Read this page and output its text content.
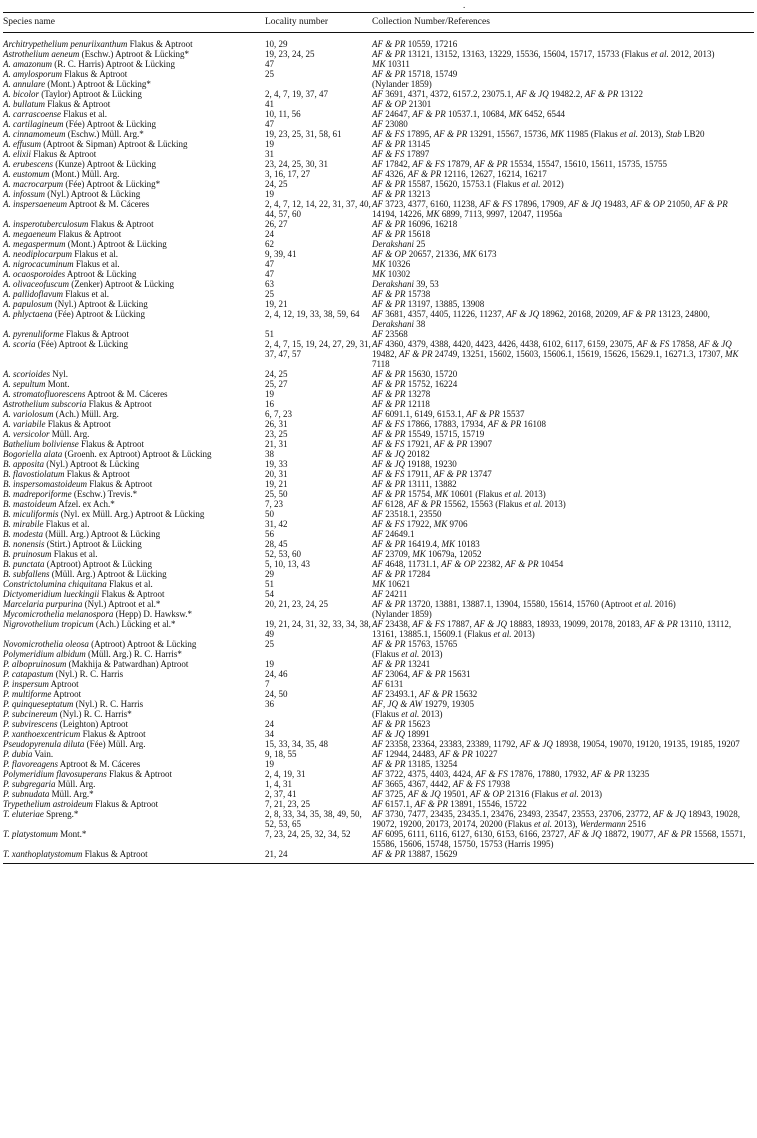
.
Species name	Locality number	Collection Number/References
Architrypethelium penuriixanthum Flakus & Aptroot	10, 29	AF & PR 10559, 17216
Astrothelium aeneum (Eschw.) Aptroot & Lücking*	19, 23, 24, 25	AF & PR 13121, 13152, 13163, 13229, 15536, 15604, 15717, 15733 (Flakus et al. 2012, 2013)
A. amazonum (R. C. Harris) Aptroot & Lücking	47	MK 10311
A. amylosporum Flakus & Aptroot	25	AF & PR 15718, 15749
A. annulare (Mont.) Aptroot & Lücking*		(Nylander 1859)
A. bicolor (Taylor) Aptroot & Lücking	2, 4, 7, 19, 37, 47	AF 3691, 4371, 4372, 6157.2, 23075.1, AF & JQ 19482.2, AF & PR 13122
A. bullatum Flakus & Aptroot	41	AF & OP 21301
A. carrascoense Flakus et al.	10, 11, 56	AF 24647, AF & PR 10537.1, 10684, MK 6452, 6544
A. cartilagineum (Fée) Aptroot & Lücking	47	AF 23080
A. cinnamomeum (Eschw.) Müll. Arg.*	19, 23, 25, 31, 58, 61	AF & FS 17895, AF & PR 13291, 15567, 15736, MK 11985 (Flakus et al. 2013), Stab LB20
A. effusum (Aptroot & Sipman) Aptroot & Lücking	19	AF & PR 13145
A. elixii Flakus & Aptroot	31	AF & FS 17897
A. erubescens (Kunze) Aptroot & Lücking	23, 24, 25, 30, 31	AF 17842, AF & FS 17879, AF & PR 15534, 15547, 15610, 15611, 15735, 15755
A. eustomum (Mont.) Müll. Arg.	3, 16, 17, 27	AF 4326, AF & PR 12116, 12627, 16214, 16217
A. macrocarpum (Fée) Aptroot & Lücking*	24, 25	AF & PR 15587, 15620, 15753.1 (Flakus et al. 2012)
A. infossum (Nyl.) Aptroot & Lücking	19	AF & PR 13213
A. inspersaeneum Aptroot & M. Cáceres	2, 4, 7, 12, 14, 22, 31, 37, 40, 44, 57, 60	AF 3723, 4377, 6160, 11238, AF & FS 17896, 17909, AF & JQ 19483, AF & OP 21050, AF & PR 14194, 14226, MK 6899, 7113, 9997, 12047, 11956a
A. insperotuberculosum Flakus & Aptroot	26, 27	AF & PR 16096, 16218
A. megaeneum Flakus & Aptroot	24	AF & PR 15618
A. megaspermum (Mont.) Aptroot & Lücking	62	Derakshani 25
A. neodiplocarpum Flakus et al.	9, 39, 41	AF & OP 20657, 21336, MK 6173
A. nigrocacuminum Flakus et al.	47	MK 10326
A. ocaosporoides Aptroot & Lücking	47	MK 10302
A. olivaceofuscum (Zenker) Aptroot & Lücking	63	Derakshani 39, 53
A. pallidoflavum Flakus et al.	25	AF & PR 15738
A. papulosum (Nyl.) Aptroot & Lücking	19, 21	AF & PR 13197, 13885, 13908
A. phlyctaena (Fée) Aptroot & Lücking	2, 4, 12, 19, 33, 38, 59, 64	AF 3681, 4357, 4405, 11226, 11237, AF & JQ 18962, 20168, 20209, AF & PR 13123, 24800, Derakshani 38
A. pyrenuliforme Flakus & Aptroot	51	AF 23568
A. scoria (Fée) Aptroot & Lücking	2, 4, 7, 15, 19, 24, 27, 29, 31, 37, 47, 57	AF 4360, 4379, 4388, 4420, 4423, 4426, 4438, 6102, 6117, 6159, 23075, AF & FS 17858, AF & JQ 19482, AF & PR 24749, 13251, 15602, 15603, 15606.1, 15619, 15626, 15629.1, 16271.3, 17307, MK 7118
A. scorioides Nyl.	24, 25	AF & PR 15630, 15720
A. sepultum Mont.	25, 27	AF & PR 15752, 16224
A. stromatofluorescens Aptroot & M. Cáceres	19	AF & PR 13278
Astrothelium subscoria Flakus & Aptroot	16	AF & PR 12118
A. variolosum (Ach.) Müll. Arg.	6, 7, 23	AF 6091.1, 6149, 6153.1, AF & PR 15537
A. variabile Flakus & Aptroot	26, 31	AF & FS 17866, 17883, 17934, AF & PR 16108
A. versicolor Müll. Arg.	23, 25	AF & PR 15549, 15715, 15719
Bathelium boliviense Flakus & Aptroot	21, 31	AF & FS 17921, AF & PR 13907
Bogoriella alata (Groenh. ex Aptroot) Aptroot & Lücking	38	AF & JQ 20182
B. apposita (Nyl.) Aptroot & Lücking	19, 33	AF & JQ 19188, 19230
B. flavostiolatum Flakus & Aptroot	20, 31	AF & FS 17911, AF & PR 13747
B. inspersomastoideum Flakus & Aptroot	19, 21	AF & PR 13111, 13882
B. madreporiforme (Eschw.) Trevis.*	25, 50	AF & PR 15754, MK 10601 (Flakus et al. 2013)
B. mastoideum Afzel. ex Ach.*	7, 23	AF 6128, AF & PR 15562, 15563 (Flakus et al. 2013)
B. miculiformis (Nyl. ex Müll. Arg.) Aptroot & Lücking	50	AF 23518.1, 23550
B. mirabile Flakus et al.	31, 42	AF & FS 17922, MK 9706
B. modesta (Müll. Arg.) Aptroot & Lücking	56	AF 24649.1
B. nonensis (Stirt.) Aptroot & Lücking	28, 45	AF & PR 16419.4, MK 10183
B. pruinosum Flakus et al.	52, 53, 60	AF 23709, MK 10679a, 12052
B. punctata (Aptroot) Aptroot & Lücking	5, 10, 13, 43	AF 4648, 11731.1, AF & OP 22382, AF & PR 10454
B. subfallens (Müll. Arg.) Aptroot & Lücking	29	AF & PR 17284
Constrictolumina chiquitana Flakus et al.	51	MK 10621
Dictyomeridium lueckingii Flakus & Aptroot	54	AF 24211
Marcelaria purpurina (Nyl.) Aptroot et al.*	20, 21, 23, 24, 25	AF & PR 13720, 13881, 13887.1, 13904, 15580, 15614, 15760 (Aptroot et al. 2016)
Mycomicrothelia melanospora (Hepp) D. Hawksw.*		(Nylander 1859)
Nigrovothelium tropicum (Ach.) Lücking et al.*	19, 21, 24, 31, 32, 33, 34, 38, 49	AF 23438, AF & FS 17887, AF & JQ 18883, 18933, 19099, 20178, 20183, AF & PR 13110, 13112, 13161, 13885.1, 15609.1 (Flakus et al. 2013)
Novomicrothelia oleosa (Aptroot) Aptroot & Lücking	25	AF & PR 15763, 15765
Polymeridium albidum (Müll. Arg.) R. C. Harris*		(Flakus et al. 2013)
P. albopruinosum (Makhija & Patwardhan) Aptroot	19	AF & PR 13241
P. catapastum (Nyl.) R. C. Harris	24, 46	AF 23064, AF & PR 15631
P. inspersum Aptroot	7	AF 6131
P. multiforme Aptroot	24, 50	AF 23493.1, AF & PR 15632
P. quinqueseptatum (Nyl.) R. C. Harris	36	AF, JQ & AW 19279, 19305
P. subcinereum (Nyl.) R. C. Harris*		(Flakus et al. 2013)
P. subvirescens (Leighton) Aptroot	24	AF & PR 15623
P. xanthoexcentricum Flakus & Aptroot	34	AF & JQ 18991
Pseudopyrenula diluta (Fée) Müll. Arg.	15, 33, 34, 35, 48	AF 23358, 23364, 23383, 23389, 11792, AF & JQ 18938, 19054, 19070, 19120, 19135, 19185, 19207
P. dubia Vain.	9, 18, 55	AF 12944, 24483, AF & PR 10227
P. flavoreagens Aptroot & M. Cáceres	19	AF & PR 13185, 13254
Polymeridium flavosuperans Flakus & Aptroot	2, 4, 19, 31	AF 3722, 4375, 4403, 4424, AF & FS 17876, 17880, 17932, AF & PR 13235
P. subgregaria Müll. Arg.	1, 4, 31	AF 3665, 4367, 4442, AF & FS 17938
P. subnudata Müll. Arg.*	2, 37, 41	AF 3725, AF & JQ 19501, AF & OP 21316 (Flakus et al. 2013)
Trypethelium astroideum Flakus & Aptroot	7, 21, 23, 25	AF 6157.1, AF & PR 13891, 15546, 15722
T. eluteriae Spreng.*	2, 8, 33, 34, 35, 38, 49, 50, 52, 53, 65	AF 3730, 7477, 23435, 23435.1, 23476, 23493, 23547, 23553, 23706, 23772, AF & JQ 18943, 19028, 19072, 19200, 20173, 20174, 20200 (Flakus et al. 2013), Werdermann 2516
T. platystomum Mont.*	7, 23, 24, 25, 32, 34, 52	AF 6095, 6111, 6116, 6127, 6130, 6153, 6166, 23727, AF & JQ 18872, 19077, AF & PR 15568, 15571, 15586, 15606, 15748, 15750, 15753 (Harris 1995)
T. xanthoplatystomum Flakus & Aptroot	21, 24	AF & PR 13887, 15629
